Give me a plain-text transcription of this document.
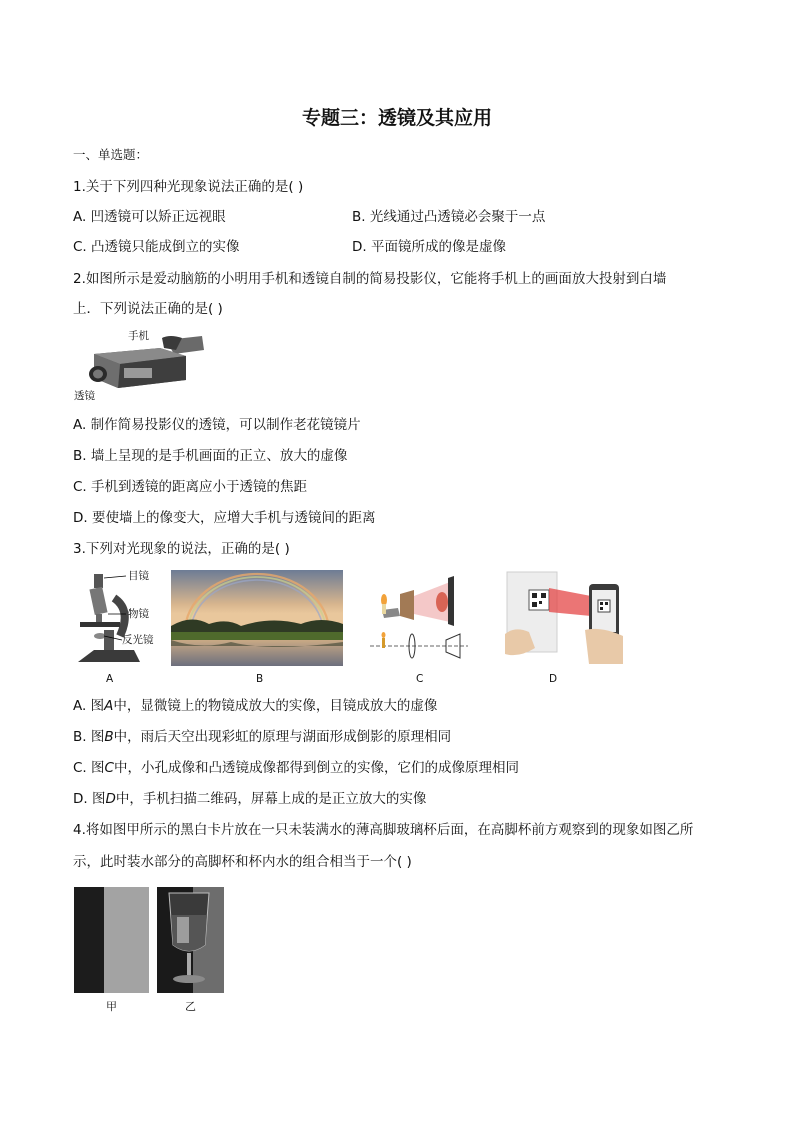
专题三：透镜及其应用
一、单选题：
1.关于下列四种光现象说法正确的是( )
A. 凹透镜可以矫正远视眼	B. 光线通过凸透镜必会聚于一点
C. 凸透镜只能成倒立的实像	D. 平面镜所成的像是虚像
2.如图所示是爱动脑筋的小明用手机和透镜自制的简易投影仪，它能将手机上的画面放大投射到白墙
上．下列说法正确的是( )
手机
透镜
A. 制作简易投影仪的透镜，可以制作老花镜镜片
B. 墙上呈现的是手机画面的正立、放大的虚像
C. 手机到透镜的距离应小于透镜的焦距
D. 要使墙上的像变大，应增大手机与透镜间的距离
3.下列对光现象的说法，正确的是( )
目镜
物镜
反光镜
A	B	C	D
A. 图A中，显微镜上的物镜成放大的实像，目镜成放大的虚像
B. 图B中，雨后天空出现彩虹的原理与湖面形成倒影的原理相同
C. 图C中，小孔成像和凸透镜成像都得到倒立的实像，它们的成像原理相同
D. 图D中，手机扫描二维码，屏幕上成的是正立放大的实像
4.将如图甲所示的黑白卡片放在一只未装满水的薄高脚玻璃杯后面，在高脚杯前方观察到的现象如图乙所
示，此时装水部分的高脚杯和杯内水的组合相当于一个( )
甲	乙
